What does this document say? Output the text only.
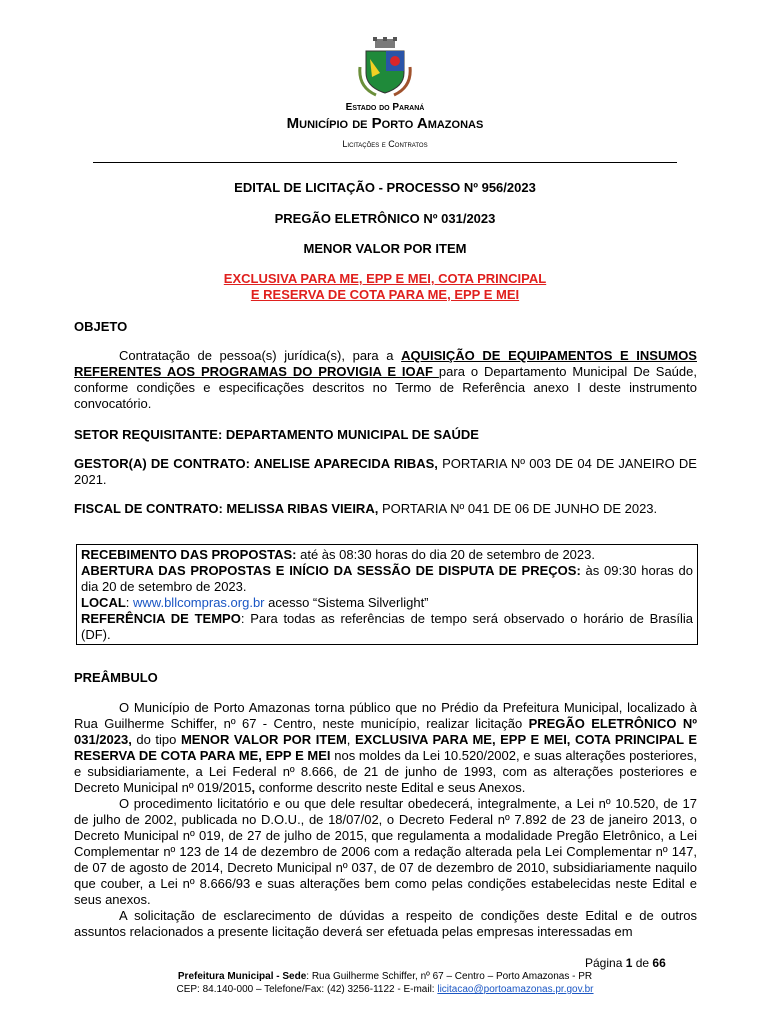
Estado do Paraná
Município de Porto Amazonas
Licitações e Contratos
EDITAL DE LICITAÇÃO - PROCESSO Nº 956/2023
PREGÃO ELETRÔNICO Nº 031/2023
MENOR VALOR POR ITEM
EXCLUSIVA PARA ME, EPP E MEI, COTA PRINCIPAL
E RESERVA DE COTA PARA ME, EPP E MEI
OBJETO

Contratação de pessoa(s) jurídica(s), para a AQUISIÇÃO DE EQUIPAMENTOS E INSUMOS REFERENTES AOS PROGRAMAS DO PROVIGIA E IOAF para o Departamento Municipal De Saúde, conforme condições e especificações descritos no Termo de Referência anexo I deste instrumento convocatório.

SETOR REQUISITANTE: DEPARTAMENTO MUNICIPAL DE SAÚDE
GESTOR(A) DE CONTRATO: ANELISE APARECIDA RIBAS, PORTARIA Nº 003 DE 04 DE JANEIRO DE 2021.
FISCAL DE CONTRATO: MELISSA RIBAS VIEIRA, PORTARIA Nº 041 DE 06 DE JUNHO DE 2023.
RECEBIMENTO DAS PROPOSTAS: até às 08:30 horas do dia 20 de setembro de 2023.
ABERTURA DAS PROPOSTAS E INÍCIO DA SESSÃO DE DISPUTA DE PREÇOS: às 09:30 horas do dia 20 de setembro de 2023.
LOCAL: www.bllcompras.org.br acesso “Sistema Silverlight”
REFERÊNCIA DE TEMPO: Para todas as referências de tempo será observado o horário de Brasília (DF).
PREÂMBULO

O Município de Porto Amazonas torna público que no Prédio da Prefeitura Municipal, localizado à Rua Guilherme Schiffer, nº 67 - Centro, neste município, realizar licitação PREGÃO ELETRÔNICO Nº 031/2023, do tipo MENOR VALOR POR ITEM, EXCLUSIVA PARA ME, EPP E MEI, COTA PRINCIPAL E RESERVA DE COTA PARA ME, EPP E MEI nos moldes da Lei 10.520/2002, e suas alterações posteriores, e subsidiariamente, a Lei Federal nº 8.666, de 21 de junho de 1993, com as alterações posteriores e Decreto Municipal nº 019/2015, conforme descrito neste Edital e seus Anexos.

O procedimento licitatório e ou que dele resultar obedecerá, integralmente, a Lei nº 10.520, de 17 de julho de 2002, publicada no D.O.U., de 18/07/02, o Decreto Federal nº 7.892 de 23 de janeiro 2013, o Decreto Municipal nº 019, de 27 de julho de 2015, que regulamenta a modalidade Pregão Eletrônico, a Lei Complementar nº 123 de 14 de dezembro de 2006 com a redação alterada pela Lei Complementar nº 147, de 07 de agosto de 2014, Decreto Municipal nº 037, de 07 de dezembro de 2010, subsidiariamente naquilo que couber, a Lei nº 8.666/93 e suas alterações bem como pelas condições estabelecidas neste Edital e seus anexos.

A solicitação de esclarecimento de dúvidas a respeito de condições deste Edital e de outros assuntos relacionados a presente licitação deverá ser efetuada pelas empresas interessadas em

Página 1 de 66
Prefeitura Municipal - Sede: Rua Guilherme Schiffer, nº 67 – Centro – Porto Amazonas - PR
CEP: 84.140-000 – Telefone/Fax: (42) 3256-1122 - E-mail: licitacao@portoamazonas.pr.gov.br
